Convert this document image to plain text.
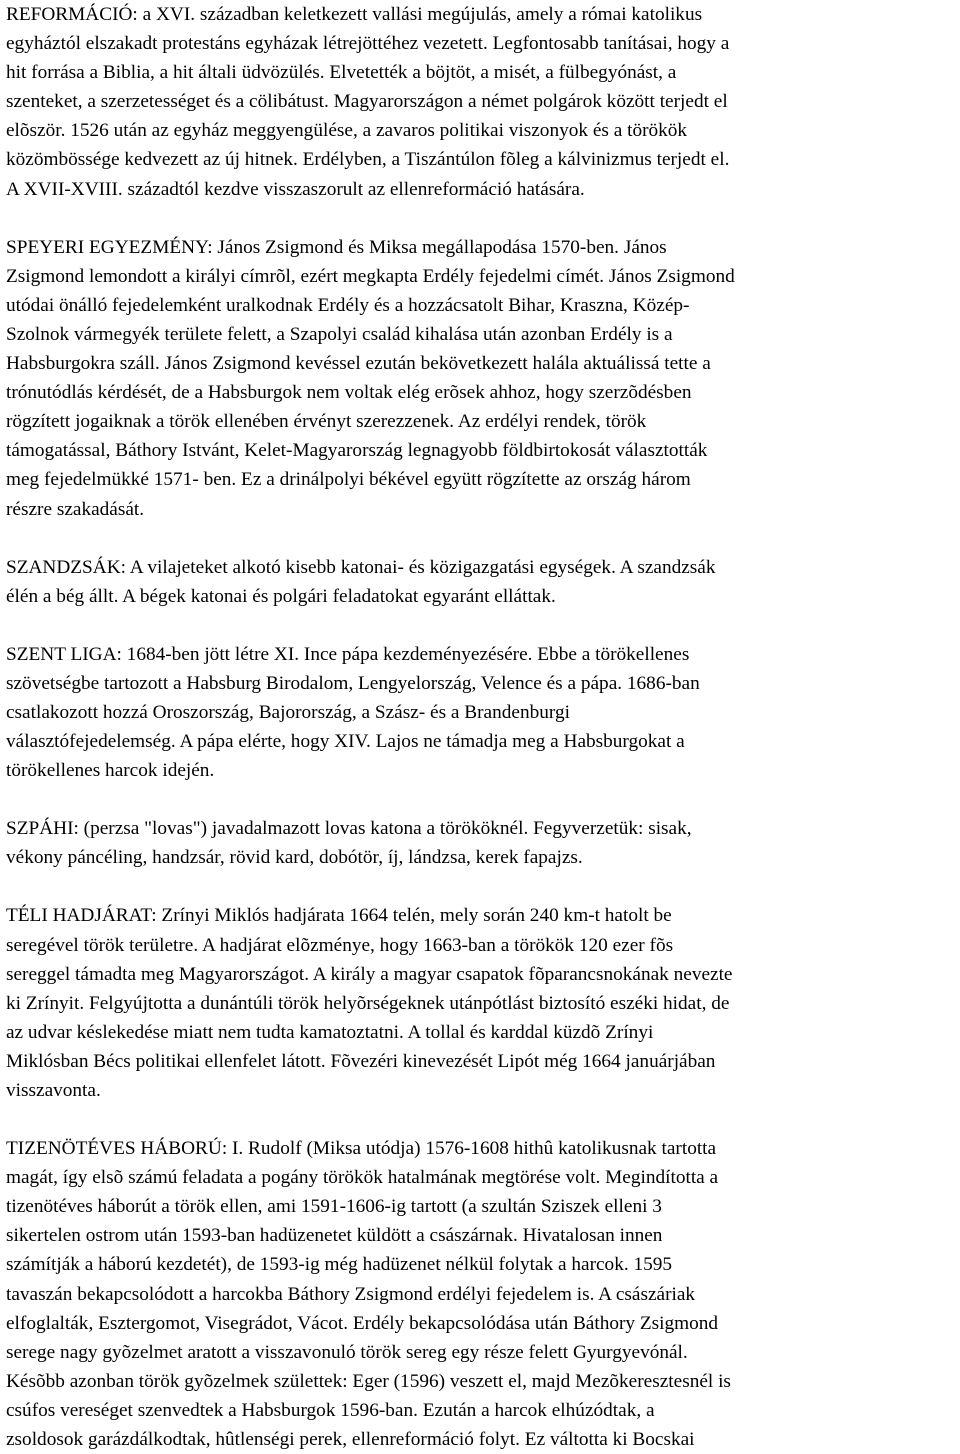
REFORMÁCIÓ: a XVI. században keletkezett vallási megújulás, amely a római katolikus
egyháztól elszakadt protestáns egyházak létrejöttéhez vezetett. Legfontosabb tanításai, hogy a
hit forrása a Biblia, a hit általi üdvözülés. Elvetették a böjtöt, a misét, a fülbegyónást, a
szenteket, a szerzetességet és a cölibátust. Magyarországon a német polgárok között terjedt el
elõször. 1526 után az egyház meggyengülése, a zavaros politikai viszonyok és a törökök
közömbössége kedvezett az új hitnek. Erdélyben, a Tiszántúlon fõleg a kálvinizmus terjedt el.
A XVII-XVIII. századtól kezdve visszaszorult az ellenreformáció hatására.

SPEYERI EGYEZMÉNY: János Zsigmond és Miksa megállapodása 1570-ben. János
Zsigmond lemondott a királyi címrõl, ezért megkapta Erdély fejedelmi címét. János Zsigmond
utódai önálló fejedelemként uralkodnak Erdély és a hozzácsatolt Bihar, Kraszna, Közép-
Szolnok vármegyék területe felett, a Szapolyi család kihalása után azonban Erdély is a
Habsburgokra száll. János Zsigmond kevéssel ezután bekövetkezett halála aktuálissá tette a
trónutódlás kérdését, de a Habsburgok nem voltak elég erõsek ahhoz, hogy szerzõdésben
rögzített jogaiknak a török ellenében érvényt szerezzenek. Az erdélyi rendek, török
támogatással, Báthory Istvánt, Kelet-Magyarország legnagyobb földbirtokosát választották
meg fejedelmükké 1571- ben. Ez a drinálpolyi békével együtt rögzítette az ország három
részre szakadását.

SZANDZSÁK: A vilajeteket alkotó kisebb katonai- és közigazgatási egységek. A szandzsák
élén a bég állt. A bégek katonai és polgári feladatokat egyaránt elláttak.

SZENT LIGA: 1684-ben jött létre XI. Ince pápa kezdeményezésére. Ebbe a törökellenes
szövetségbe tartozott a Habsburg Birodalom, Lengyelország, Velence és a pápa. 1686-ban
csatlakozott hozzá Oroszország, Bajorország, a Szász- és a Brandenburgi
választófejedelemség. A pápa elérte, hogy XIV. Lajos ne támadja meg a Habsburgokat a
törökellenes harcok idején.

SZPÁHI: (perzsa "lovas") javadalmazott lovas katona a törököknél. Fegyverzetük: sisak,
vékony páncéling, handzsár, rövid kard, dobótör, íj, lándzsa, kerek fapajzs.

TÉLI HADJÁRAT: Zrínyi Miklós hadjárata 1664 telén, mely során 240 km-t hatolt be
seregével török területre. A hadjárat elõzménye, hogy 1663-ban a törökök 120 ezer fõs
sereggel támadta meg Magyarországot. A király a magyar csapatok fõparancsnokának nevezte
ki Zrínyit. Felgyújtotta a dunántúli török helyõrségeknek utánpótlást biztosító eszéki hidat, de
az udvar késlekedése miatt nem tudta kamatoztatni. A tollal és karddal küzdõ Zrínyi
Miklósban Bécs politikai ellenfelet látott. Fõvezéri kinevezését Lipót még 1664 januárjában
visszavonta.

TIZENÖTÉVES HÁBORÚ: I. Rudolf (Miksa utódja) 1576-1608 hithû katolikusnak tartotta
magát, így elsõ számú feladata a pogány törökök hatalmának megtörése volt. Megindította a
tizenötéves háborút a török ellen, ami 1591-1606-ig tartott (a szultán Sziszek elleni 3
sikertelen ostrom után 1593-ban hadüzenetet küldött a császárnak. Hivatalosan innen
számítják a háború kezdetét), de 1593-ig még hadüzenet nélkül folytak a harcok. 1595
tavaszán bekapcsolódott a harcokba Báthory Zsigmond erdélyi fejedelem is. A császáriak
elfoglalták, Esztergomot, Visegrádot, Vácot. Erdély bekapcsolódása után Báthory Zsigmond
serege nagy gyõzelmet aratott a visszavonuló török sereg egy része felett Gyurgyevónál.
Késõbb azonban török gyõzelmek születtek: Eger (1596) veszett el, majd Mezõkeresztesnél is
csúfos vereséget szenvedtek a Habsburgok 1596-ban. Ezután a harcok elhúzódtak, a
zsoldosok garázdálkodtak, hûtlenségi perek, ellenreformáció folyt. Ez váltotta ki Bocskai
